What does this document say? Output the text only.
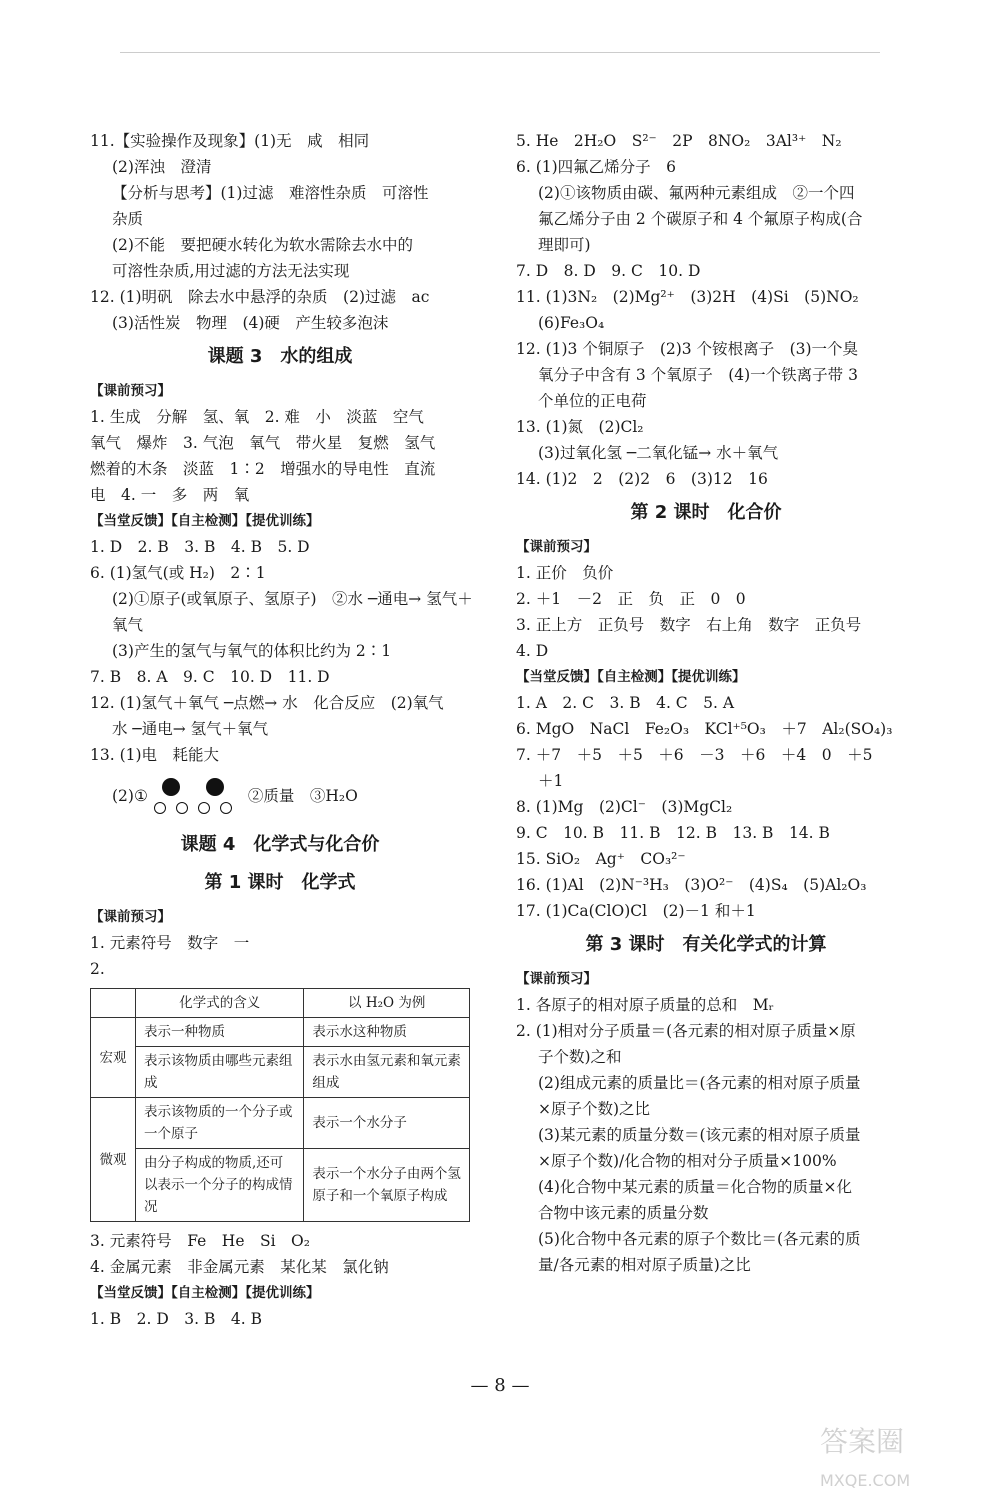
11.【实验操作及现象】(1)无　咸　相同
(2)浑浊　澄清
【分析与思考】(1)过滤　难溶性杂质　可溶性
杂质
(2)不能　要把硬水转化为软水需除去水中的
可溶性杂质,用过滤的方法无法实现
12. (1)明矾　除去水中悬浮的杂质　(2)过滤　ac
(3)活性炭　物理　(4)硬　产生较多泡沫
课题 3　水的组成
【课前预习】
1. 生成　分解　氢、氧　2. 难　小　淡蓝　空气
氧气　爆炸　3. 气泡　氧气　带火星　复燃　氢气
燃着的木条　淡蓝　1∶2　增强水的导电性　直流
电　4. 一　多　两　氧
【当堂反馈】【自主检测】【提优训练】
1. D　2. B　3. B　4. B　5. D
6. (1)氢气(或 H₂)　2∶1
(2)①原子(或氧原子、氢原子)　②水 ─通电→ 氢气＋
氧气
(3)产生的氢气与氧气的体积比约为 2∶1
7. B　8. A　9. C　10. D　11. D
12. (1)氢气＋氧气 ─点燃→ 水　化合反应　(2)氧气
水 ─通电→ 氢气＋氧气
13. (1)电　耗能大
(2)①	②质量　③H₂O
课题 4　化学式与化合价
第 1 课时　化学式
【课前预习】
1. 元素符号　数字　一
2.
	化学式的含义	以 H₂O 为例
宏观	表示一种物质	表示水这种物质
	表示该物质由哪些元素组成	表示水由氢元素和氧元素组成
微观	表示该物质的一个分子或一个原子	表示一个水分子
	由分子构成的物质,还可以表示一个分子的构成情况	表示一个水分子由两个氢原子和一个氧原子构成
3. 元素符号　Fe　He　Si　O₂
4. 金属元素　非金属元素　某化某　氯化钠
【当堂反馈】【自主检测】【提优训练】
1. B　2. D　3. B　4. B
5. He　2H₂O　S²⁻　2P　8NO₂　3Al³⁺　N₂
6. (1)四氟乙烯分子　6
(2)①该物质由碳、氟两种元素组成　②一个四
氟乙烯分子由 2 个碳原子和 4 个氟原子构成(合
理即可)
7. D　8. D　9. C　10. D
11. (1)3N₂　(2)Mg²⁺　(3)2H　(4)Si　(5)NO₂
(6)Fe₃O₄
12. (1)3 个铜原子　(2)3 个铵根离子　(3)一个臭
氧分子中含有 3 个氧原子　(4)一个铁离子带 3
个单位的正电荷
13. (1)氮　(2)Cl₂
(3)过氧化氢 ─二氧化锰→ 水＋氧气
14. (1)2　2　(2)2　6　(3)12　16
第 2 课时　化合价
【课前预习】
1. 正价　负价
2. ＋1　－2　正　负　正　0　0
3. 正上方　正负号　数字　右上角　数字　正负号
4. D
【当堂反馈】【自主检测】【提优训练】
1. A　2. C　3. B　4. C　5. A
6. MgO　NaCl　Fe₂O₃　KCl⁺⁵O₃　＋7　Al₂(SO₄)₃
7. ＋7　＋5　＋5　＋6　－3　＋6　＋4　0　＋5
＋1
8. (1)Mg　(2)Cl⁻　(3)MgCl₂
9. C　10. B　11. B　12. B　13. B　14. B
15. SiO₂　Ag⁺　CO₃²⁻
16. (1)Al　(2)N⁻³H₃　(3)O²⁻　(4)S₄　(5)Al₂O₃
17. (1)Ca(ClO)Cl　(2)－1 和＋1
第 3 课时　有关化学式的计算
【课前预习】
1. 各原子的相对原子质量的总和　Mᵣ
2. (1)相对分子质量＝(各元素的相对原子质量×原
子个数)之和
(2)组成元素的质量比＝(各元素的相对原子质量
×原子个数)之比
(3)某元素的质量分数＝(该元素的相对原子质量
×原子个数)/化合物的相对分子质量×100%
(4)化合物中某元素的质量＝化合物的质量×化
合物中该元素的质量分数
(5)化合物中各元素的原子个数比＝(各元素的质
量/各元素的相对原子质量)之比
— 8 —
答案圈
MXQE.COM
